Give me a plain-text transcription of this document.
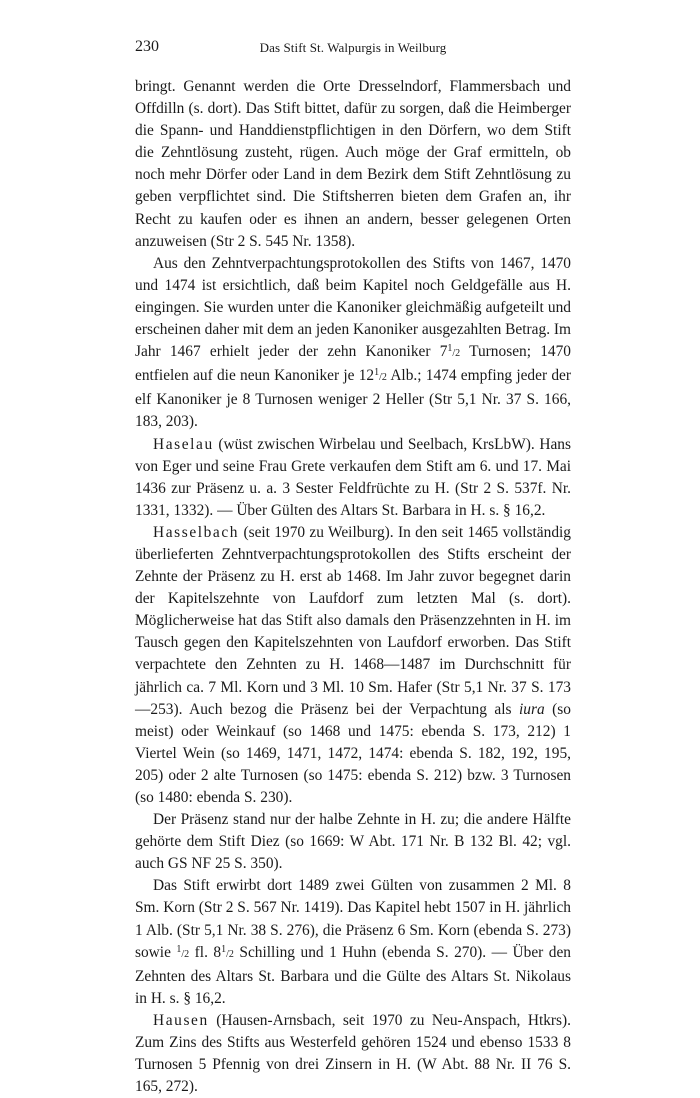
230	Das Stift St. Walpurgis in Weilburg

bringt. Genannt werden die Orte Dresselndorf, Flammersbach und Offdilln (s. dort). Das Stift bittet, dafür zu sorgen, daß die Heimberger die Spann- und Handdienstpflichtigen in den Dörfern, wo dem Stift die Zehntlösung zusteht, rügen. Auch möge der Graf ermitteln, ob noch mehr Dörfer oder Land in dem Bezirk dem Stift Zehntlösung zu geben verpflichtet sind. Die Stiftsherren bieten dem Grafen an, ihr Recht zu kaufen oder es ihnen an andern, besser gelegenen Orten anzuweisen (Str 2 S. 545 Nr. 1358).

Aus den Zehntverpachtungsprotokollen des Stifts von 1467, 1470 und 1474 ist ersichtlich, daß beim Kapitel noch Geldgefälle aus H. eingingen. Sie wurden unter die Kanoniker gleichmäßig aufgeteilt und erscheinen daher mit dem an jeden Kanoniker ausgezahlten Betrag. Im Jahr 1467 erhielt jeder der zehn Kanoniker $7^1/2$ Turnosen; 1470 entfielen auf die neun Kanoniker je $12^1/2$ Alb.; 1474 empfing jeder der elf Kanoniker je 8 Turnosen weniger 2 Heller (Str 5,1 Nr. 37 S. 166, 183, 203).

Haselau (wüst zwischen Wirbelau und Seelbach, KrsLbW). Hans von Eger und seine Frau Grete verkaufen dem Stift am 6. und 17. Mai 1436 zur Präsenz u. a. 3 Sester Feldfrüchte zu H. (Str 2 S. 537f. Nr. 1331, 1332). — Über Gülten des Altars St. Barbara in H. s. § 16,2.

Hasselbach (seit 1970 zu Weilburg). In den seit 1465 vollständig überlieferten Zehntverpachtungsprotokollen des Stifts erscheint der Zehnte der Präsenz zu H. erst ab 1468. Im Jahr zuvor begegnet darin der Kapitelszehnte von Laufdorf zum letzten Mal (s. dort). Möglicherweise hat das Stift also damals den Präsenzzehnten in H. im Tausch gegen den Kapitelszehnten von Laufdorf erworben. Das Stift verpachtete den Zehnten zu H. 1468—1487 im Durchschnitt für jährlich ca. 7 Ml. Korn und 3 Ml. 10 Sm. Hafer (Str 5,1 Nr. 37 S. 173—253). Auch bezog die Präsenz bei der Verpachtung als iura (so meist) oder Weinkauf (so 1468 und 1475: ebenda S. 173, 212) 1 Viertel Wein (so 1469, 1471, 1472, 1474: ebenda S. 182, 192, 195, 205) oder 2 alte Turnosen (so 1475: ebenda S. 212) bzw. 3 Turnosen (so 1480: ebenda S. 230).

Der Präsenz stand nur der halbe Zehnte in H. zu; die andere Hälfte gehörte dem Stift Diez (so 1669: W Abt. 171 Nr. B 132 Bl. 42; vgl. auch GS NF 25 S. 350).

Das Stift erwirbt dort 1489 zwei Gülten von zusammen 2 Ml. 8 Sm. Korn (Str 2 S. 567 Nr. 1419). Das Kapitel hebt 1507 in H. jährlich 1 Alb. (Str 5,1 Nr. 38 S. 276), die Präsenz 6 Sm. Korn (ebenda S. 273) sowie $^1$/2 fl. $8^1/2$ Schilling und 1 Huhn (ebenda S. 270). — Über den Zehnten des Altars St. Barbara und die Gülte des Altars St. Nikolaus in H. s. § 16,2.

Hausen (Hausen-Arnsbach, seit 1970 zu Neu-Anspach, Htkrs). Zum Zins des Stifts aus Westerfeld gehören 1524 und ebenso 1533 8 Turnosen 5 Pfennig von drei Zinsern in H. (W Abt. 88 Nr. II 76 S. 165, 272).
